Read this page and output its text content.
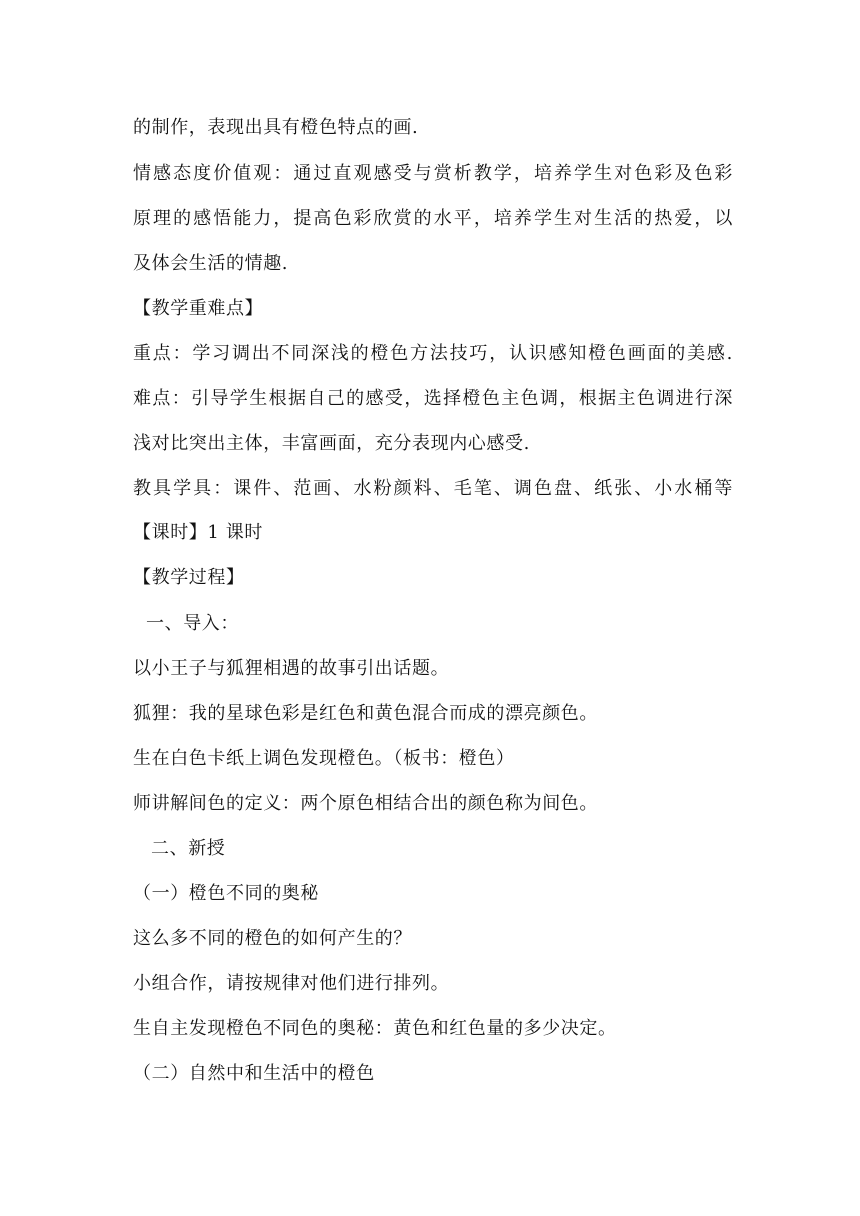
的制作，表现出具有橙色特点的画.
情感态度价值观：通过直观感受与赏析教学，培养学生对色彩及色彩
原理的感悟能力，提高色彩欣赏的水平，培养学生对生活的热爱，以
及体会生活的情趣.
【教学重难点】
重点：学习调出不同深浅的橙色方法技巧，认识感知橙色画面的美感.
难点：引导学生根据自己的感受，选择橙色主色调，根据主色调进行深
浅对比突出主体，丰富画面，充分表现内心感受.
教具学具：课件、范画、水粉颜料、毛笔、调色盘、纸张、小水桶等
【课时】1 课时
【教学过程】
一、导入：
以小王子与狐狸相遇的故事引出话题。
狐狸：我的星球色彩是红色和黄色混合而成的漂亮颜色。
生在白色卡纸上调色发现橙色。（板书：橙色）
师讲解间色的定义：两个原色相结合出的颜色称为间色。
二、新授
（一）橙色不同的奥秘
这么多不同的橙色的如何产生的？
小组合作，请按规律对他们进行排列。
生自主发现橙色不同色的奥秘：黄色和红色量的多少决定。
（二）自然中和生活中的橙色
